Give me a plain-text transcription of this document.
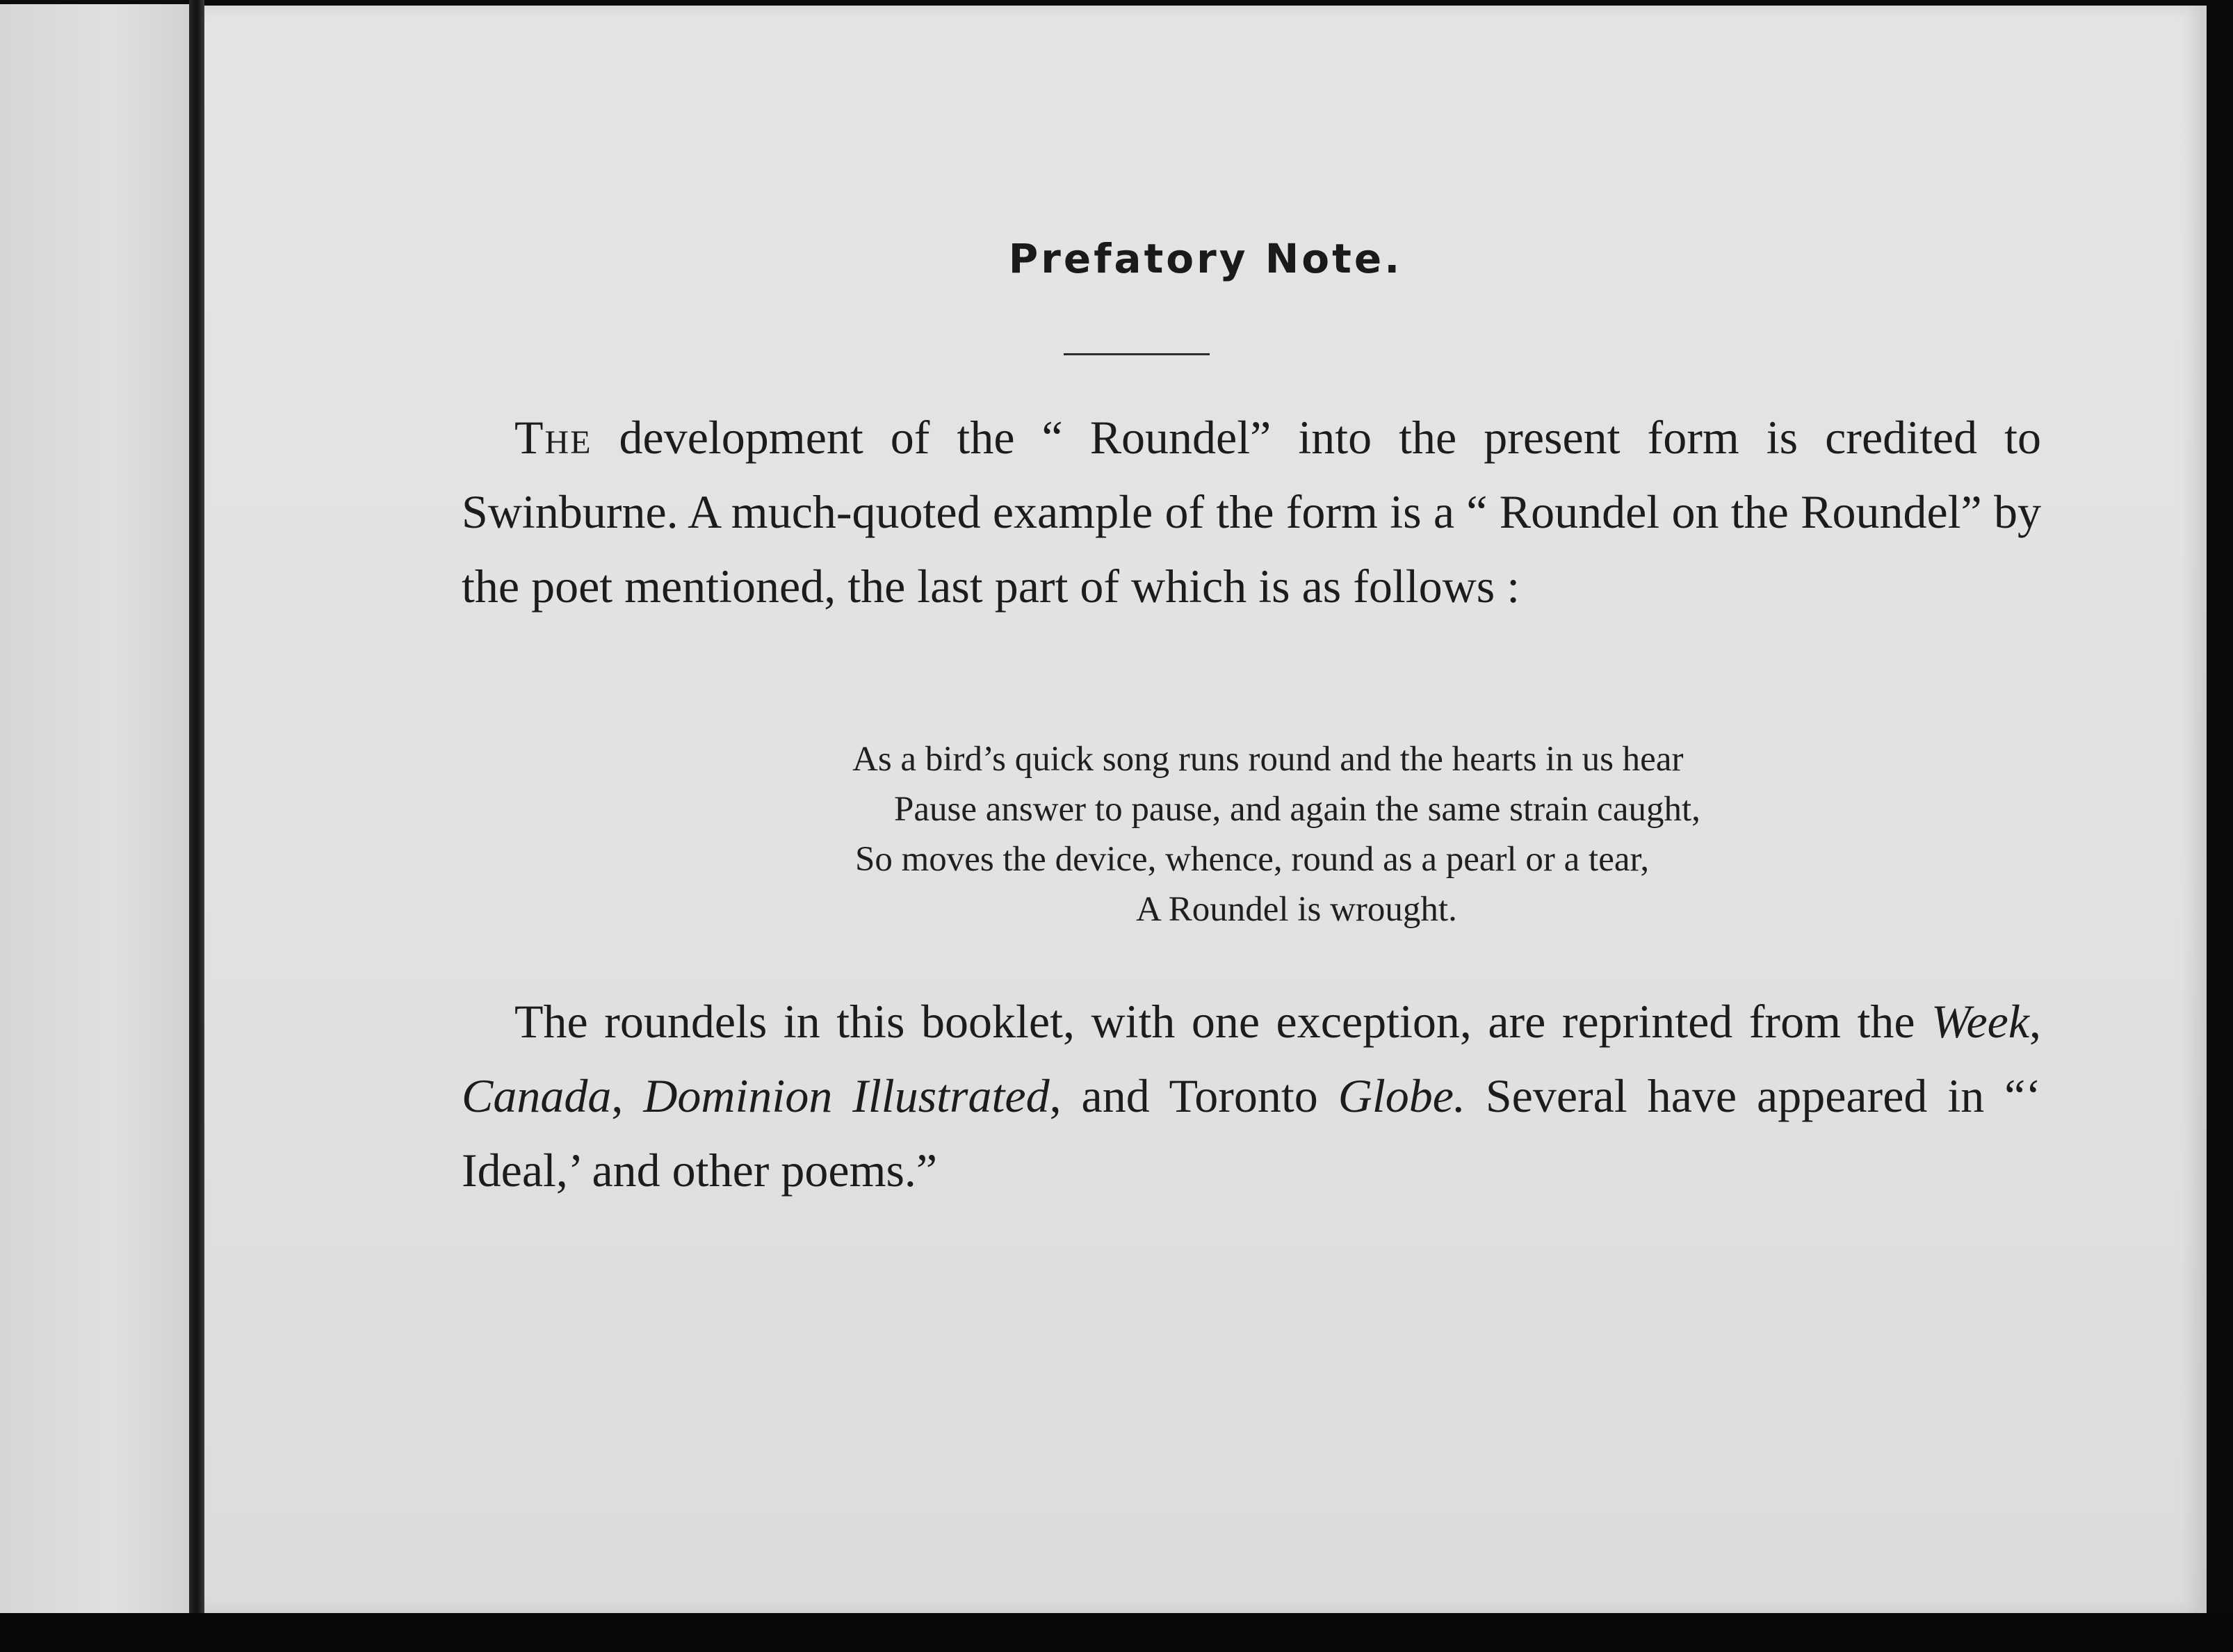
Prefatory Note.

The development of the “ Roundel” into the present form is credited to Swinburne. A much-quoted example of the form is a “ Roundel on the Roundel” by the poet mentioned, the last part of which is as follows :

As a bird’s quick song runs round and the hearts in us hear
Pause answer to pause, and again the same strain caught,
So moves the device, whence, round as a pearl or a tear,
A Roundel is wrought.

The roundels in this booklet, with one exception, are reprinted from the Week, Canada, Dominion Illustrated, and Toronto Globe. Several have appeared in “‘ Ideal,’ and other poems.”
